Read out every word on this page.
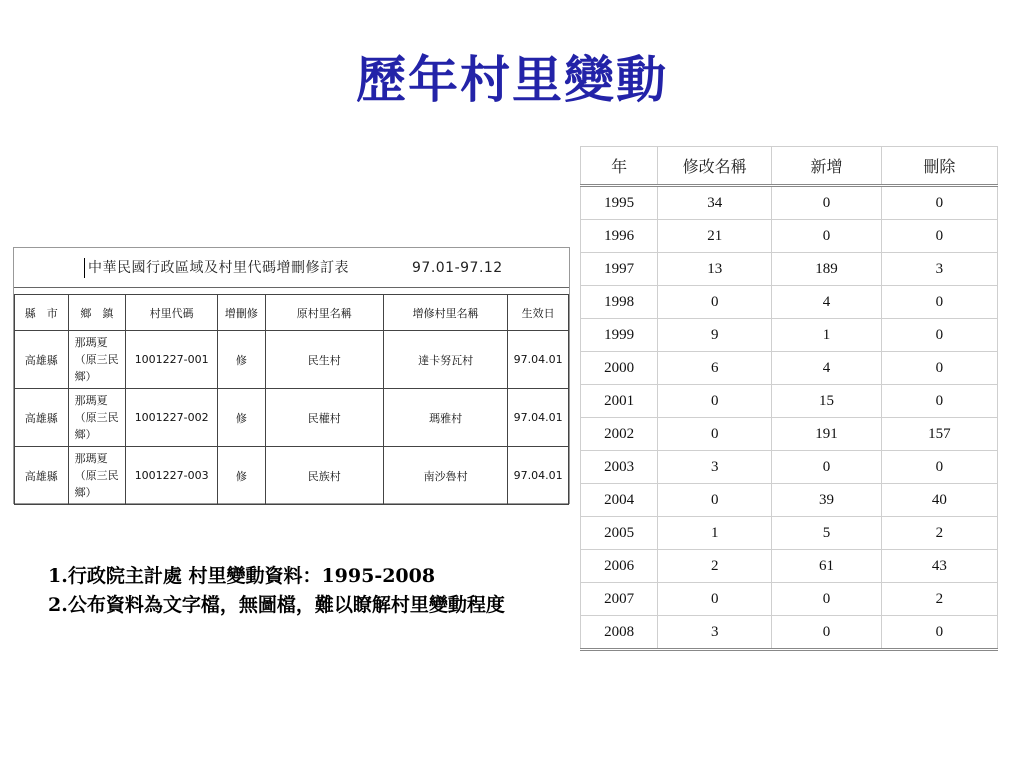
歷年村里變動
中華民國行政區域及村里代碼增刪修訂表	97.01-97.12
縣　市	鄉　鎮	村里代碼	增刪修	原村里名稱	增修村里名稱	生效日
高雄縣	那瑪夏（原三民鄉）	1001227-001	修	民生村	達卡努瓦村	97.04.01
高雄縣	那瑪夏（原三民鄉）	1001227-002	修	民權村	瑪雅村	97.04.01
高雄縣	那瑪夏（原三民鄉）	1001227-003	修	民族村	南沙魯村	97.04.01
年	修改名稱	新增	刪除
1995	34	0	0
1996	21	0	0
1997	13	189	3
1998	0	4	0
1999	9	1	0
2000	6	4	0
2001	0	15	0
2002	0	191	157
2003	3	0	0
2004	0	39	40
2005	1	5	2
2006	2	61	43
2007	0	0	2
2008	3	0	0

1.行政院主計處 村里變動資料：1995-2008

2.公布資料為文字檔，無圖檔，難以瞭解村里變動程度
